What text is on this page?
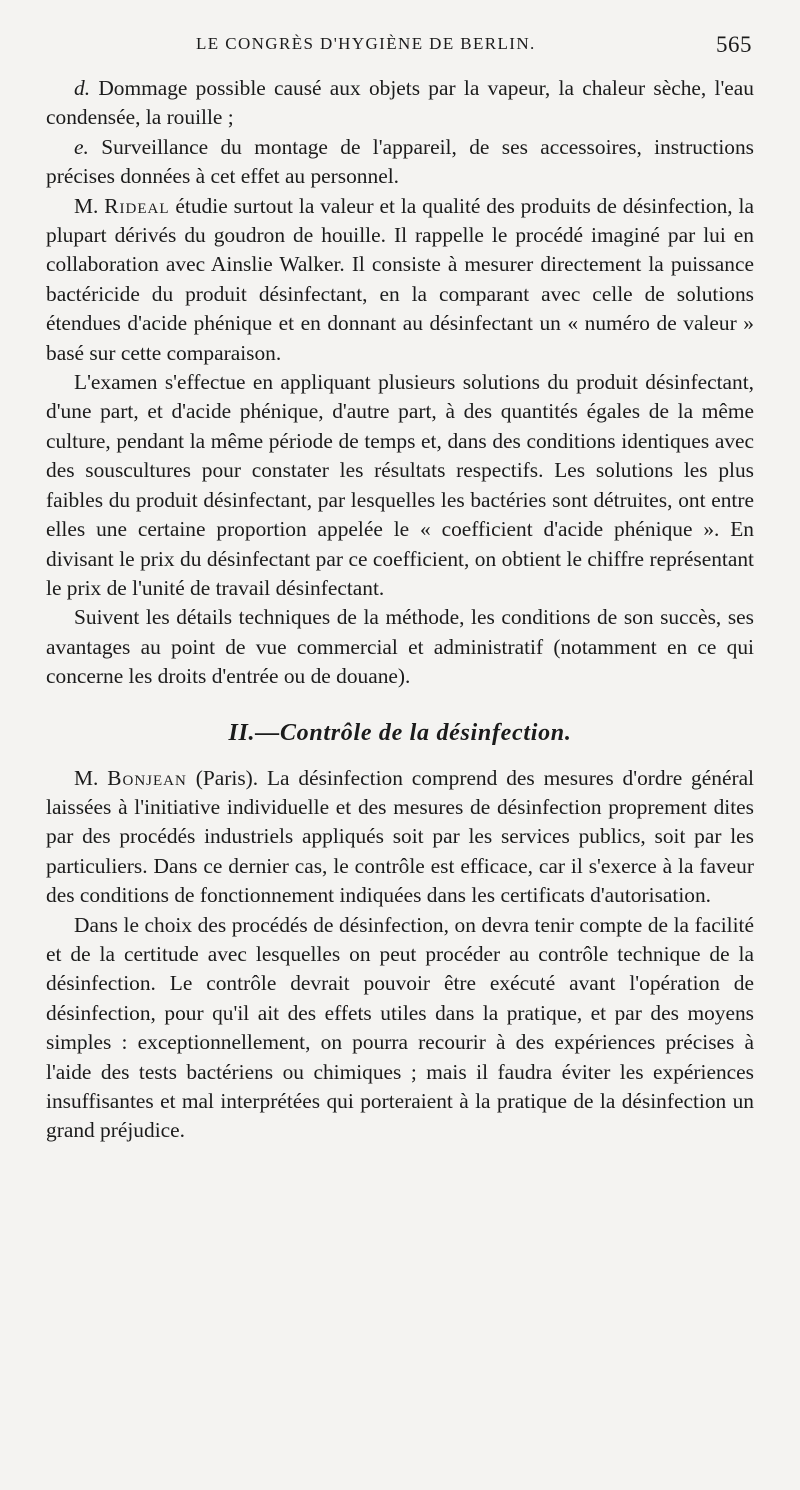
LE CONGRÈS D'HYGIÈNE DE BERLIN.	565

d. Dommage possible causé aux objets par la vapeur, la chaleur sèche, l'eau condensée, la rouille ;

e. Surveillance du montage de l'appareil, de ses accessoires, instructions précises données à cet effet au personnel.

M. Rideal étudie surtout la valeur et la qualité des produits de désinfection, la plupart dérivés du goudron de houille. Il rappelle le procédé imaginé par lui en collaboration avec Ainslie Walker. Il consiste à mesurer directement la puissance bactéricide du produit désinfectant, en la comparant avec celle de solutions étendues d'acide phénique et en donnant au désinfectant un « numéro de valeur » basé sur cette comparaison.

L'examen s'effectue en appliquant plusieurs solutions du produit désinfectant, d'une part, et d'acide phénique, d'autre part, à des quantités égales de la même culture, pendant la même période de temps et, dans des conditions identiques avec des souscultures pour constater les résultats respectifs. Les solutions les plus faibles du produit désinfectant, par lesquelles les bactéries sont détruites, ont entre elles une certaine proportion appelée le « coefficient d'acide phénique ». En divisant le prix du désinfectant par ce coefficient, on obtient le chiffre représentant le prix de l'unité de travail désinfectant.

Suivent les détails techniques de la méthode, les conditions de son succès, ses avantages au point de vue commercial et administratif (notamment en ce qui concerne les droits d'entrée ou de douane).

II.—Contrôle de la désinfection.

M. Bonjean (Paris). La désinfection comprend des mesures d'ordre général laissées à l'initiative individuelle et des mesures de désinfection proprement dites par des procédés industriels appliqués soit par les services publics, soit par les particuliers. Dans ce dernier cas, le contrôle est efficace, car il s'exerce à la faveur des conditions de fonctionnement indiquées dans les certificats d'autorisation.

Dans le choix des procédés de désinfection, on devra tenir compte de la facilité et de la certitude avec lesquelles on peut procéder au contrôle technique de la désinfection. Le contrôle devrait pouvoir être exécuté avant l'opération de désinfection, pour qu'il ait des effets utiles dans la pratique, et par des moyens simples : exceptionnellement, on pourra recourir à des expériences précises à l'aide des tests bactériens ou chimiques ; mais il faudra éviter les expériences insuffisantes et mal interprétées qui porteraient à la pratique de la désinfection un grand préjudice.
